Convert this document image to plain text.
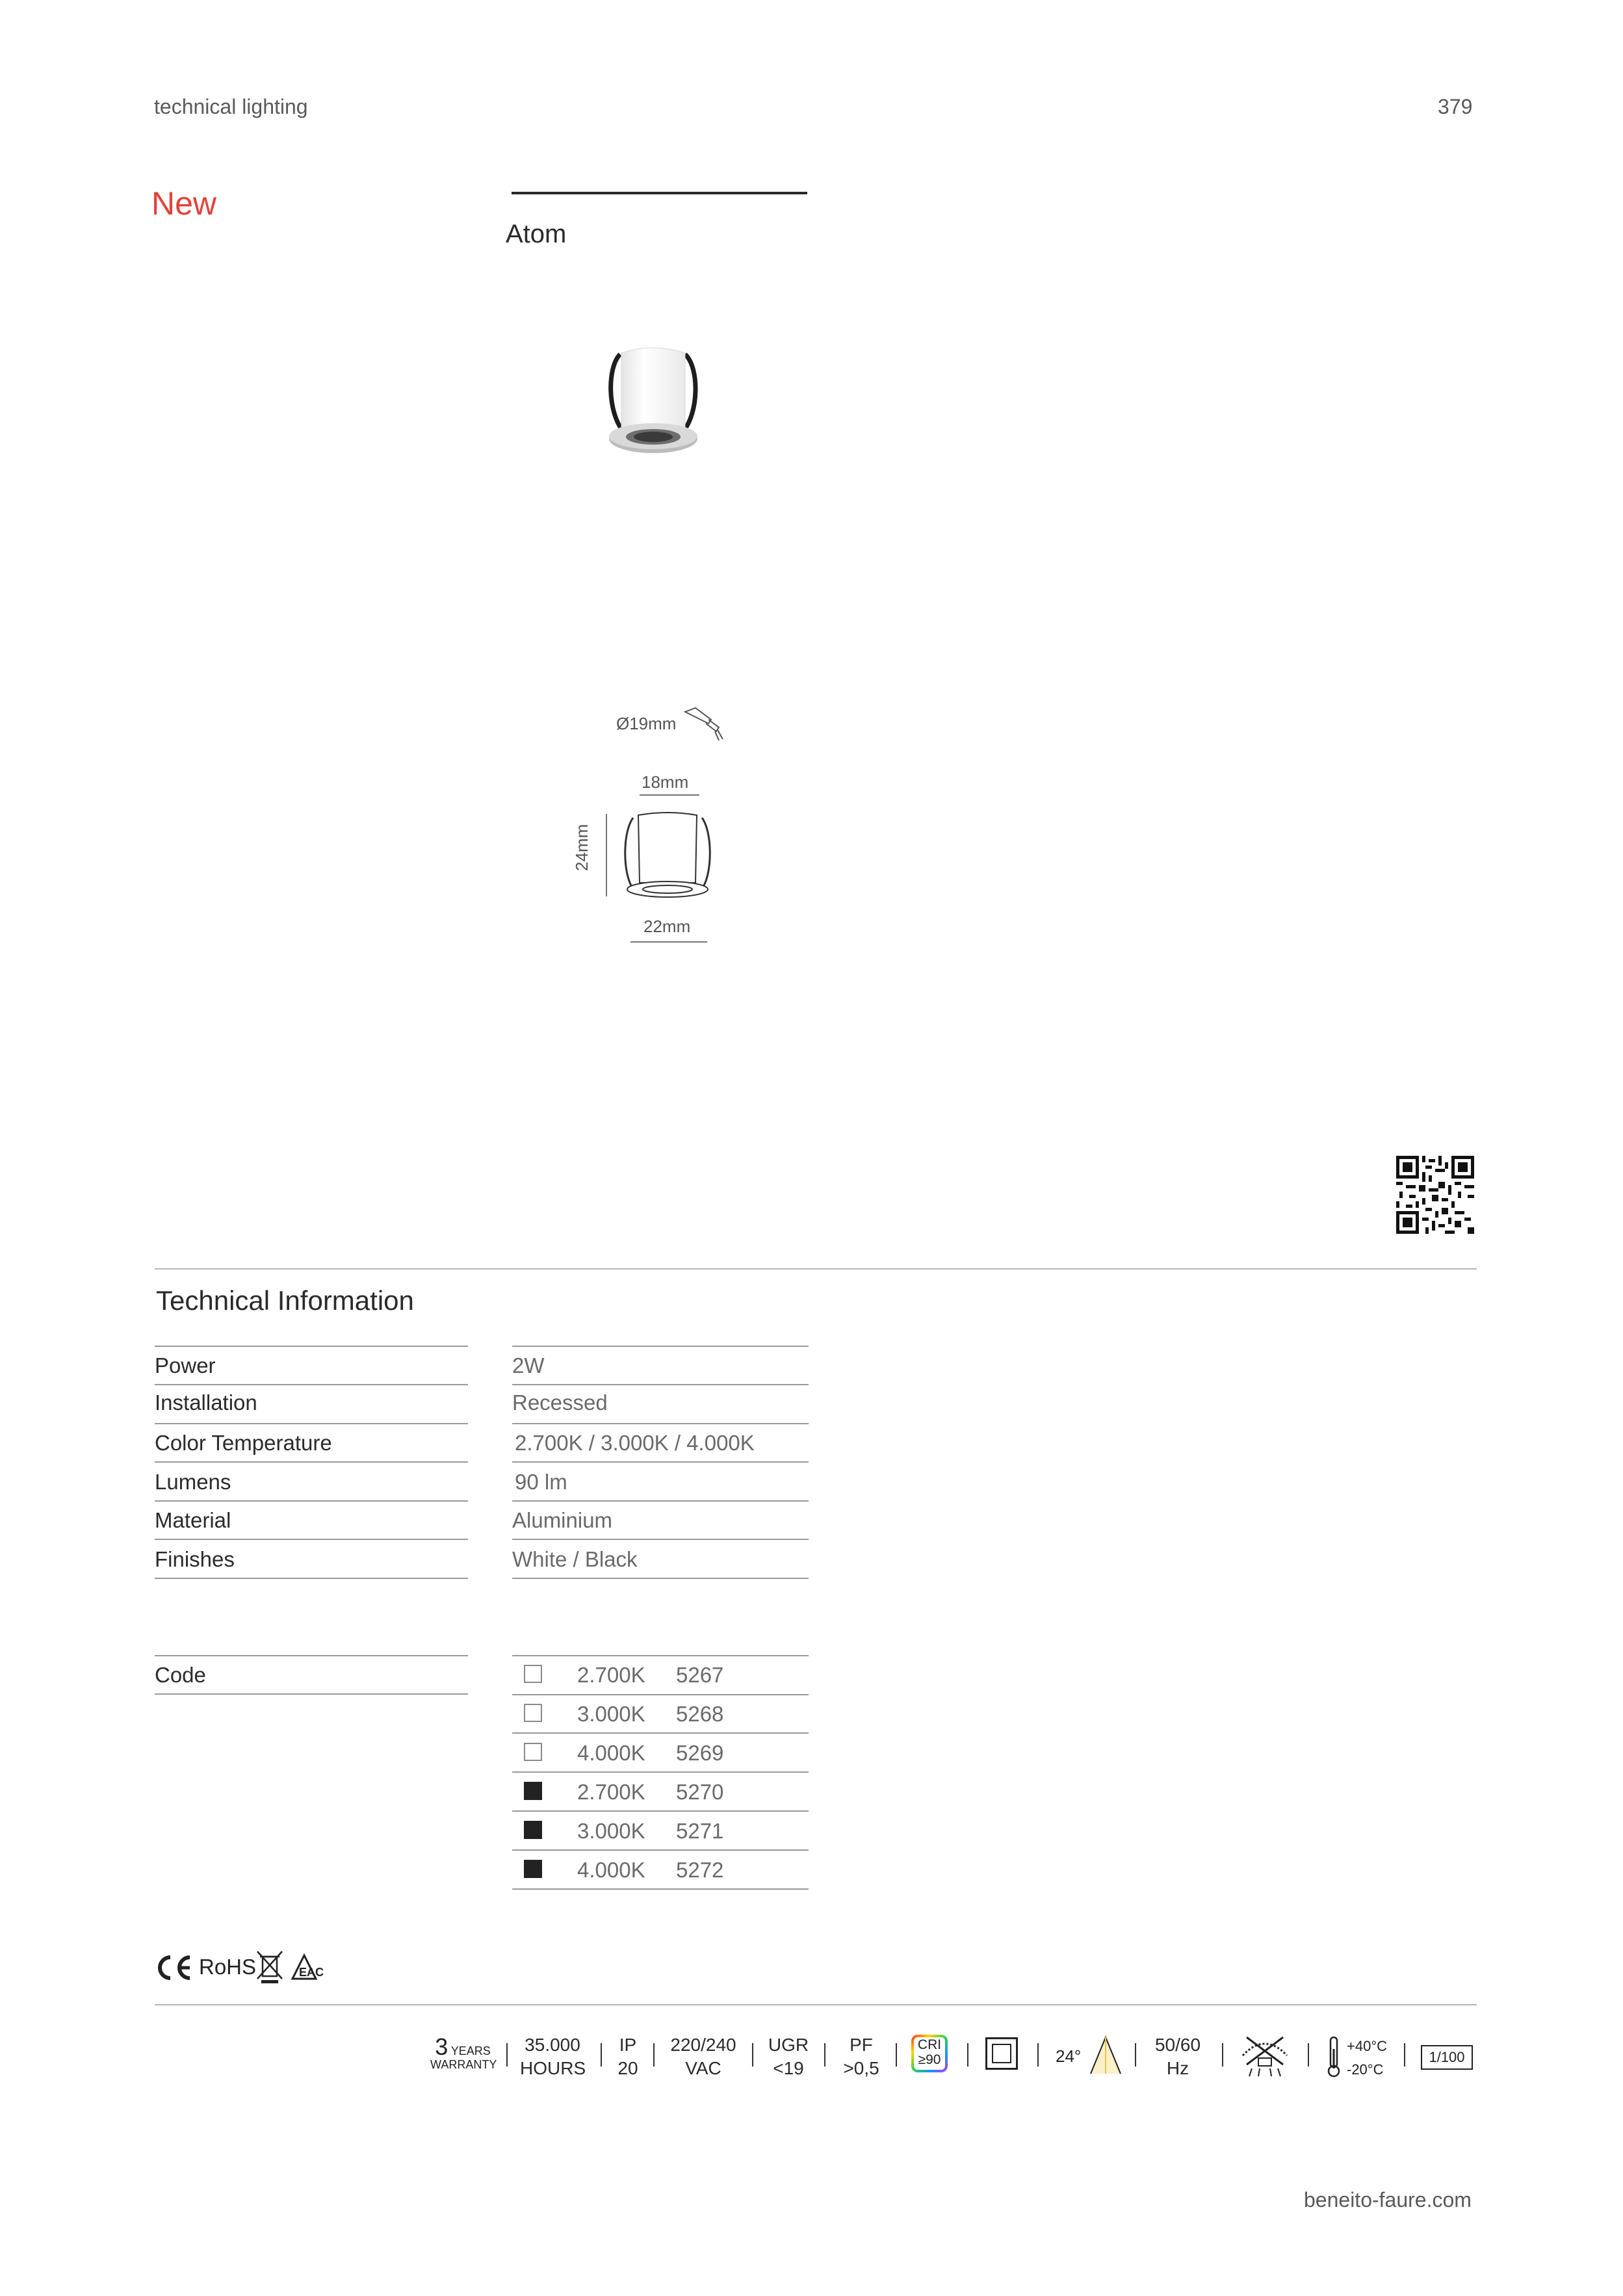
technical lighting	379
New
Atom
Ø19mm
18mm
24mm
22mm
Technical Information
Power	2W
Installation	Recessed
Color Temperature	2.700K / 3.000K / 4.000K
Lumens	90 lm
Material	Aluminium
Finishes	White / Black
Code	2.700K 5267
3.000K 5268
4.000K 5269
2.700K 5270
3.000K 5271
4.000K 5272
RoHS	EAC
3 YEARS
WARRANTY
35.000
HOURS
IP
20
220/240
VAC
UGR
<19
PF
>0,5
CRI
≥90	24°
50/60
Hz
+40°C
-20°C
1/100
beneito-faure.com
